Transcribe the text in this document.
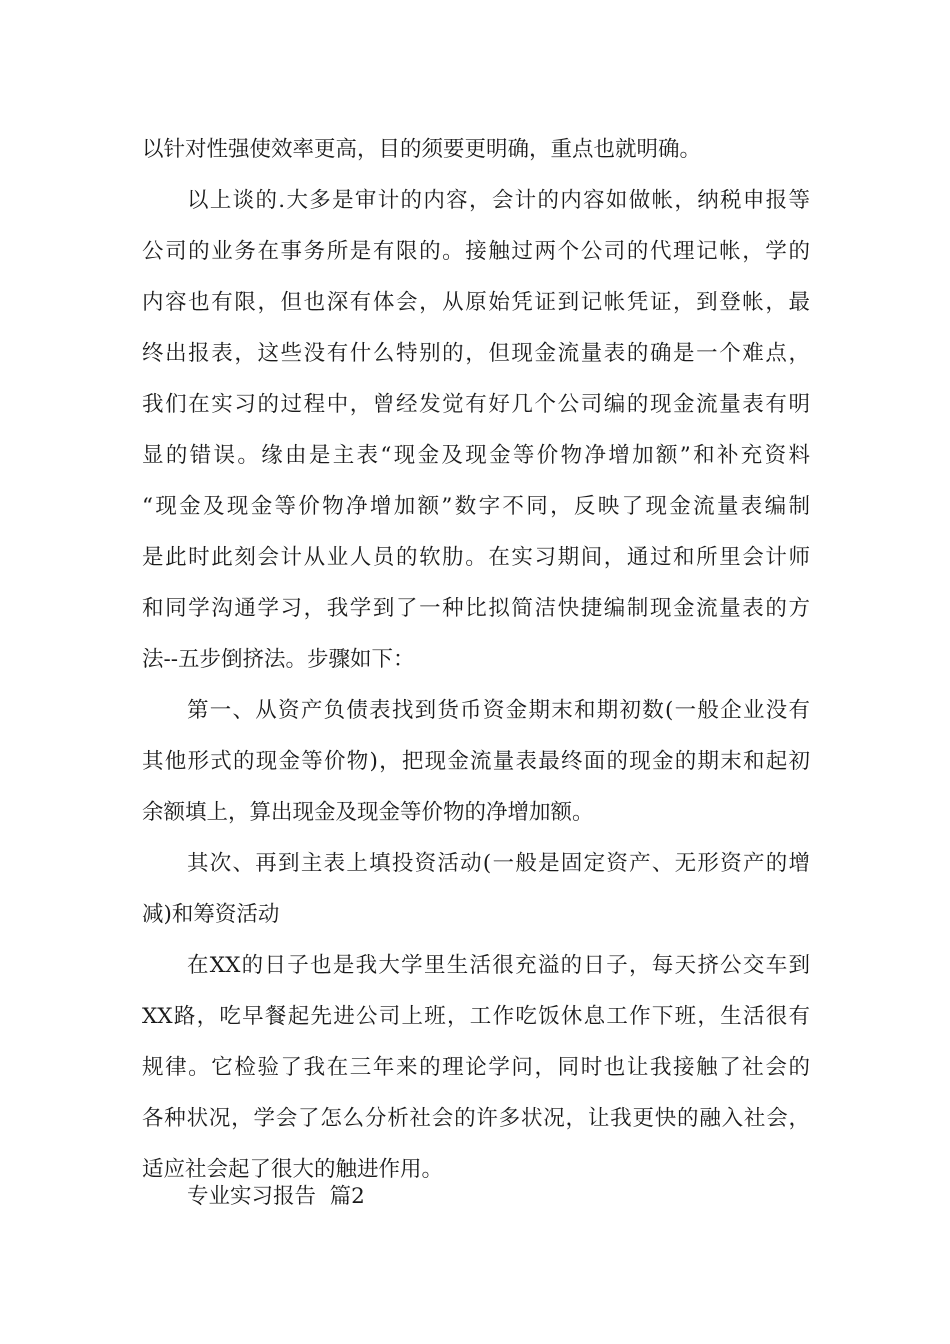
以针对性强使效率更高，目的须要更明确，重点也就明确。
以上谈的.大多是审计的内容，会计的内容如做帐，纳税申报等
公司的业务在事务所是有限的。接触过两个公司的代理记帐，学的
内容也有限，但也深有体会，从原始凭证到记帐凭证，到登帐，最
终出报表，这些没有什么特别的，但现金流量表的确是一个难点，
我们在实习的过程中，曾经发觉有好几个公司编的现金流量表有明
显的错误。缘由是主表“现金及现金等价物净增加额”和补充资料
“现金及现金等价物净增加额”数字不同，反映了现金流量表编制
是此时此刻会计从业人员的软肋。在实习期间，通过和所里会计师
和同学沟通学习，我学到了一种比拟简洁快捷编制现金流量表的方
法--五步倒挤法。步骤如下：
第一、从资产负债表找到货币资金期末和期初数(一般企业没有
其他形式的现金等价物)，把现金流量表最终面的现金的期末和起初
余额填上，算出现金及现金等价物的净增加额。
其次、再到主表上填投资活动(一般是固定资产、无形资产的增
减)和筹资活动
在XX的日子也是我大学里生活很充溢的日子，每天挤公交车到
XX路，吃早餐起先进公司上班，工作吃饭休息工作下班，生活很有
规律。它检验了我在三年来的理论学问，同时也让我接触了社会的
各种状况，学会了怎么分析社会的许多状况，让我更快的融入社会，
适应社会起了很大的触进作用。
专业实习报告  篇2
